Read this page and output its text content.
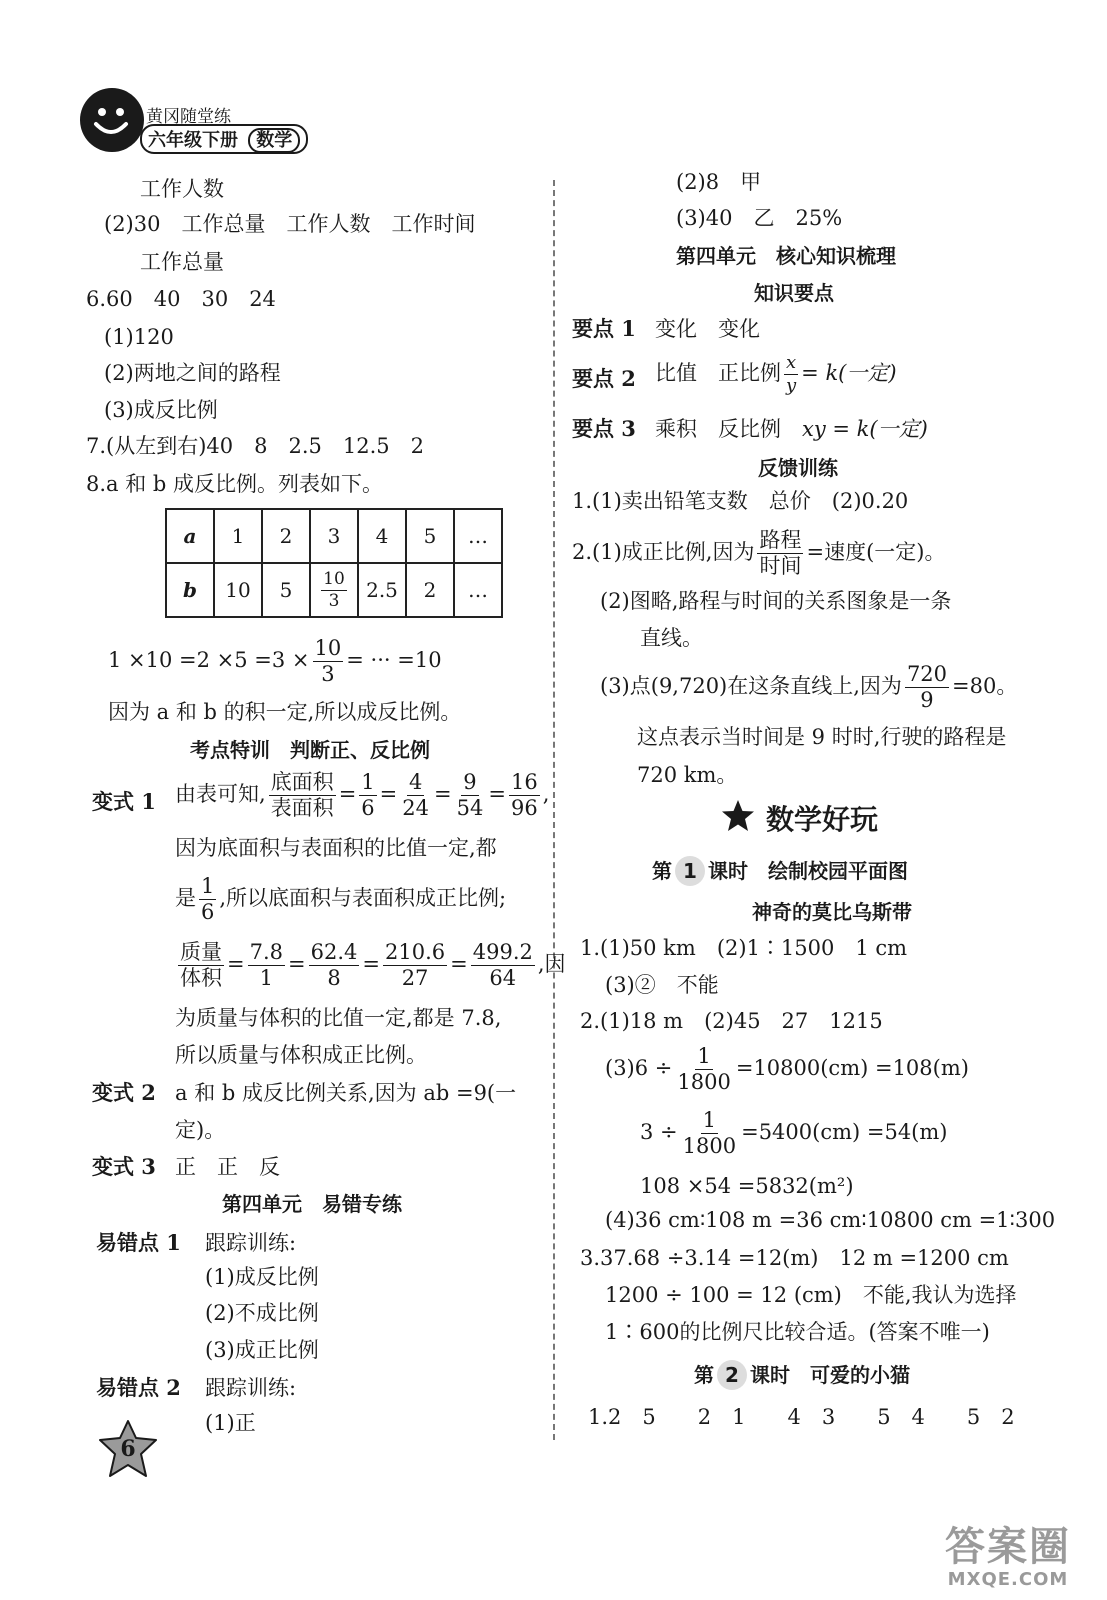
黄冈随堂练
六年级下册 数学
工作人数
(2)30　工作总量　工作人数　工作时间
工作总量
6.60　40　30　24
(1)120
(2)两地之间的路程
(3)成反比例
7.(从左到右)40　8　2.5　12.5　2
8.a 和 b 成反比例。列表如下。
a	1	2	3	4	5	…
b	10	5	$\frac{10}{3}$	2.5	2	…
$1 \times 10 =2 \times 5 =3 \times \frac{10}{3}$ = ··· =10
因为 a 和 b 的积一定,所以成反比例。
考点特训　判断正、反比例
变式 1 由表可知, $\frac{\text{底面积}}{\text{表面积}} = \frac{1}{6} = \frac{4}{24} = \frac{9}{54} = \frac{16}{96}$ ,
因为底面积与表面积的比值一定,都
是 $\frac{1}{6}$ ,所以底面积与表面积成正比例;
$\frac{\text{质量}}{\text{体积}} = \frac{7.8}{1} = \frac{62.4}{8} = \frac{210.6}{27} = \frac{499.2}{64}$ ,因
为质量与体积的比值一定,都是 7.8,
所以质量与体积成正比例。
变式 2 a 和 b 成反比例关系,因为 ab =9(一
定)。
变式 3 正　正　反
第四单元　易错专练
易错点 1 跟踪训练:
(1)成反比例
(2)不成比例
(3)成正比例
易错点 2 跟踪训练:
(1)正
(2)8　甲
(3)40　乙　25%
第四单元　核心知识梳理
知识要点
要点 1 变化　变化
要点 2 比值　正比例 $\frac{x}{y} = k$(一定)
要点 3 乘积　反比例　 xy = k(一定)
反馈训练
1.(1)卖出铅笔支数　总价　(2)0.20
2.(1)成正比例,因为 $\frac{\text{路程}}{\text{时间}}$ =速度(一定)。
(2)图略,路程与时间的关系图象是一条
直线。
(3)点(9,720)在这条直线上,因为 $\frac{720}{9} =80$。
这点表示当时间是 9 时时,行驶的路程是
720 km。
数学好玩
第 1 课时　绘制校园平面图
神奇的莫比乌斯带
1.(1)50 km　(2)1∶1500　1 cm
(3)②　不能
2.(1)18 m　(2)45　27　1215
$(3)6 \div \frac{1}{1800} =10800(cm) =108(m)$
$3 \div \frac{1}{1800} =5400(cm) =54(m)$
108 ×54 =5832(m²)
(4)36 cm∶108 m =36 cm∶10800 cm =1∶300
3.37.68 ÷3.14 =12(m)　12 m =1200 cm
1200 ÷ 100 = 12 (cm)　不能,我认为选择
1∶600的比例尺比较合适。(答案不唯一)
第 2 课时　可爱的小猫
1.2　5　　2　1　　4　3　　5　4　　5　2
6
答案圈
MXQE.COM
